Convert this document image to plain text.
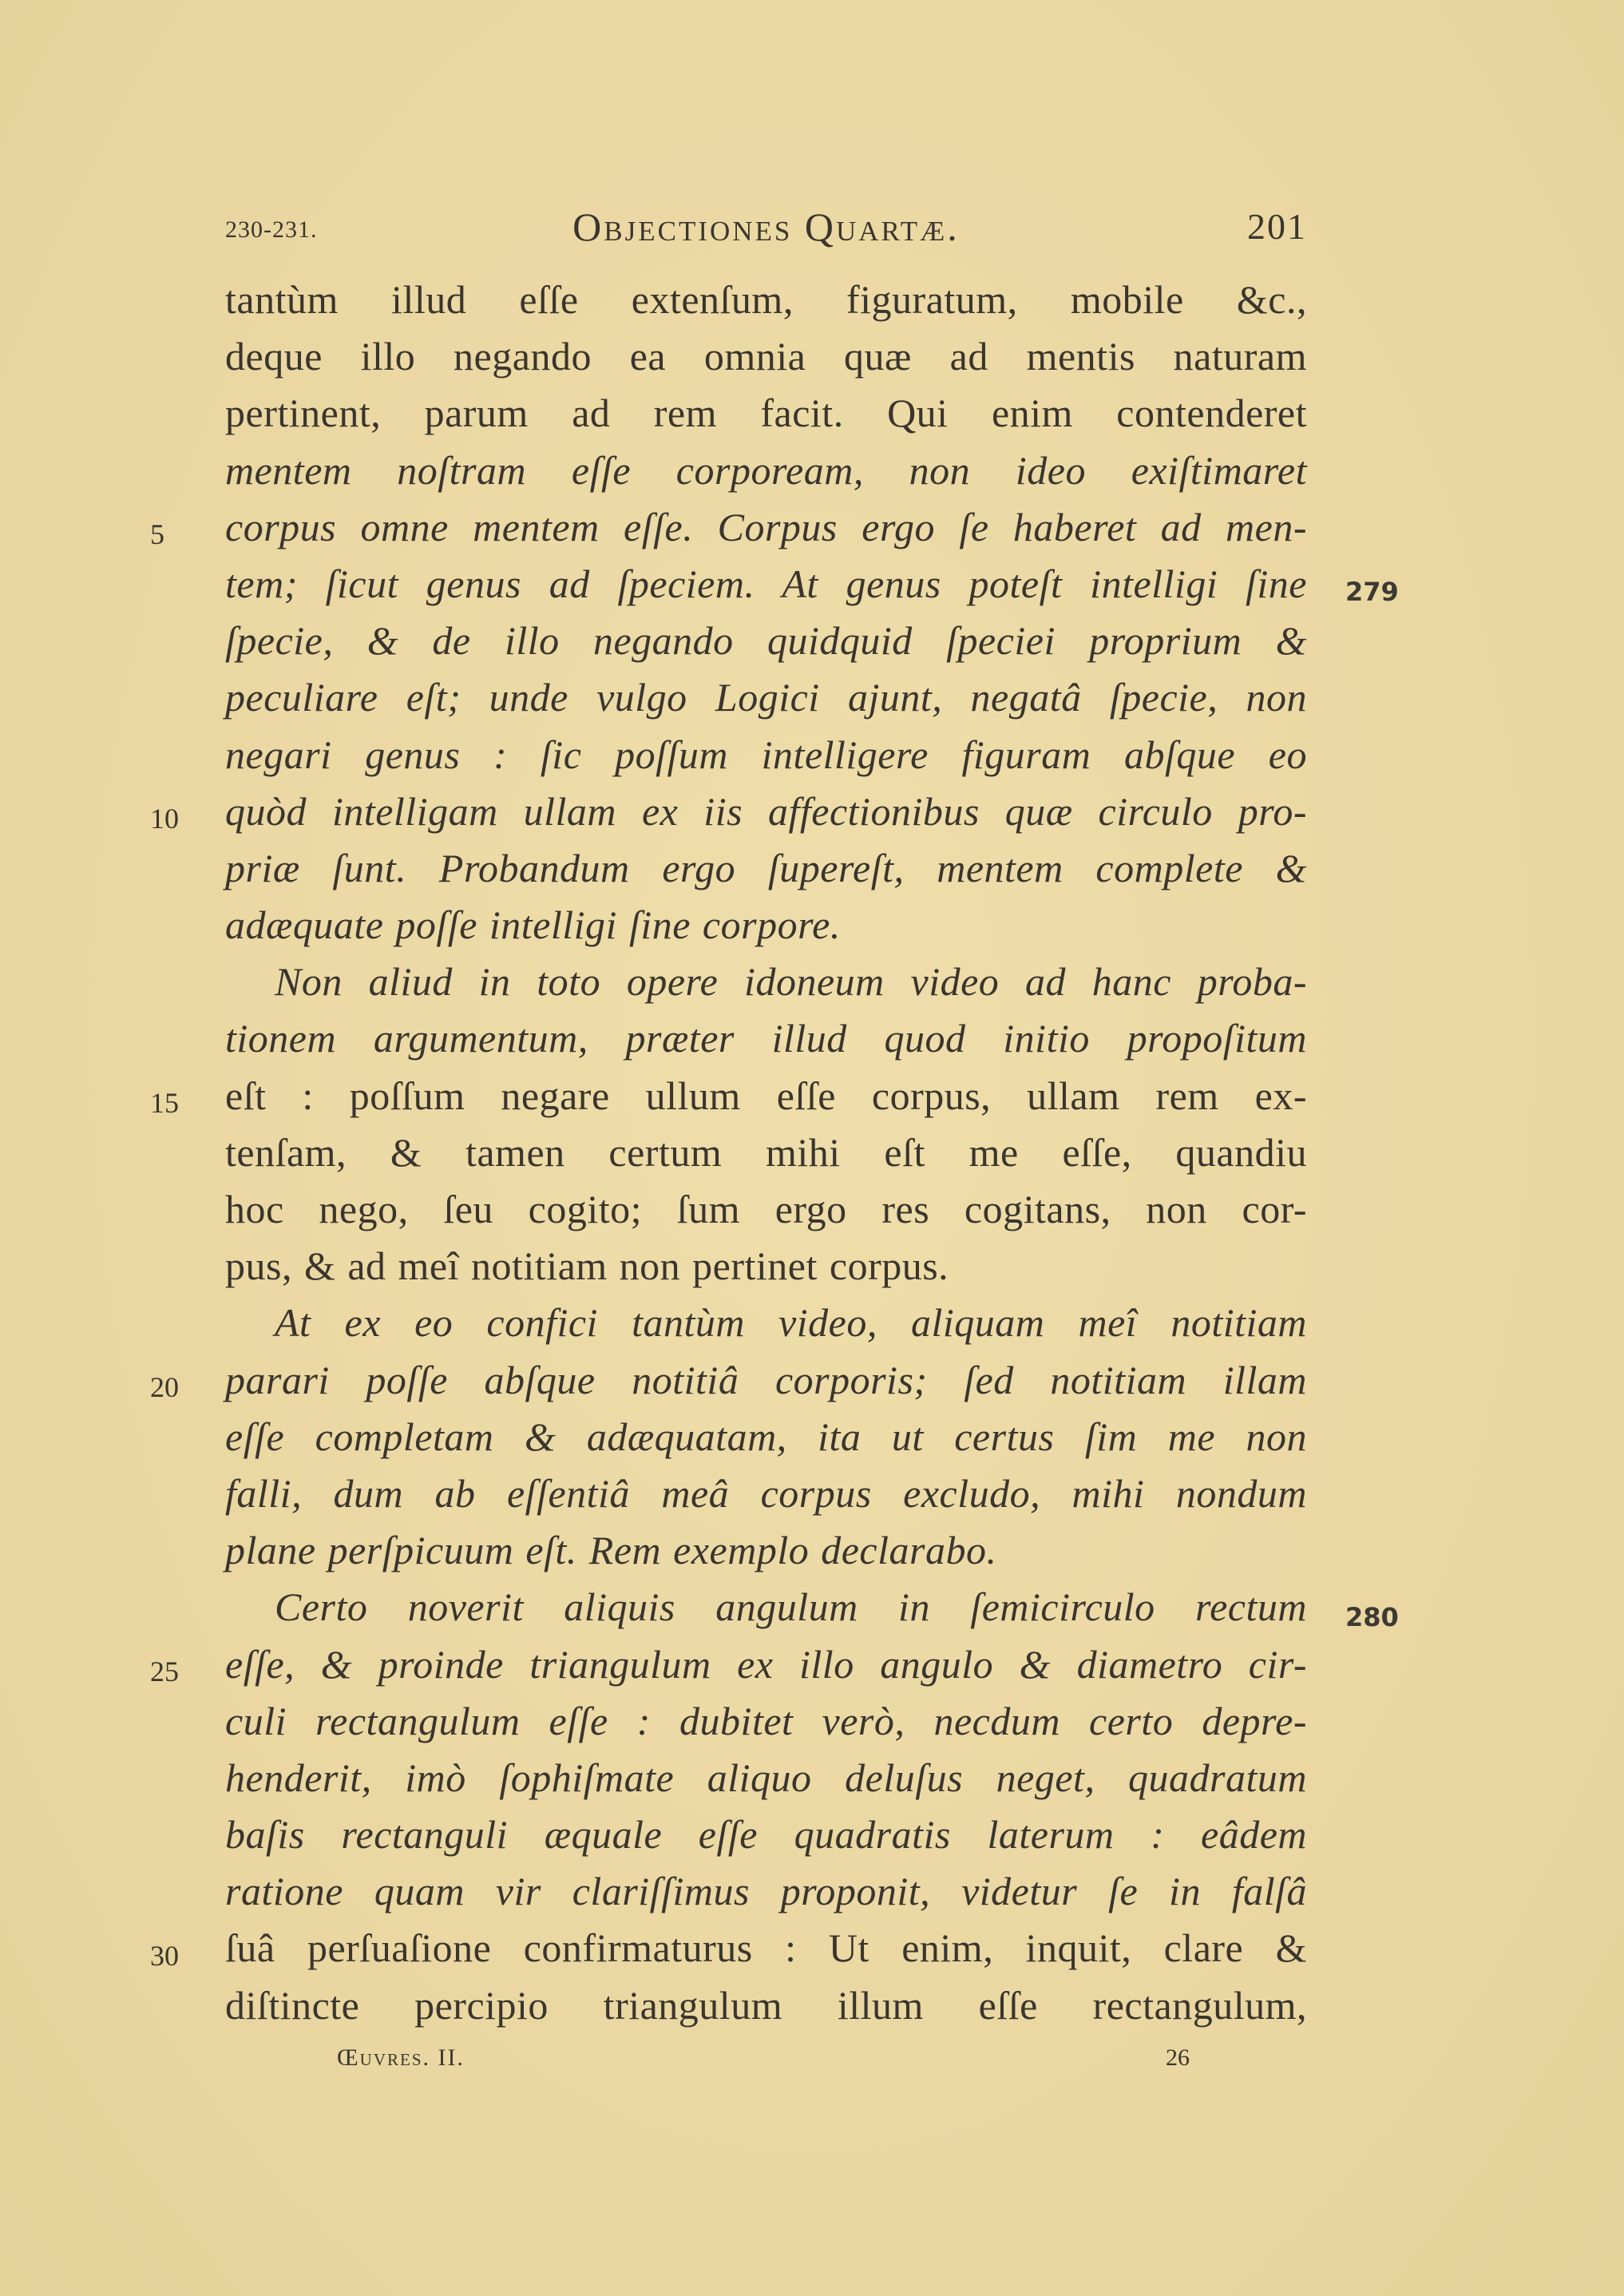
230-231.	Objectiones Quartæ.	201
tantùm illud eſſe extenſum, figuratum, mobile &c.,
deque illo negando ea omnia quæ ad mentis naturam
pertinent, parum ad rem facit. Qui enim contenderet
mentem noſtram eſſe corpoream, non ideo exiſtimaret
corpus omne mentem eſſe. Corpus ergo ſe haberet ad men-
tem; ſicut genus ad ſpeciem. At genus poteſt intelligi ſine
ſpecie, & de illo negando quidquid ſpeciei proprium &
peculiare eſt; unde vulgo Logici ajunt, negatâ ſpecie, non
negari genus : ſic poſſum intelligere figuram abſque eo
quòd intelligam ullam ex iis affectionibus quæ circulo pro-
priæ ſunt. Probandum ergo ſupereſt, mentem complete &
adæquate poſſe intelligi ſine corpore.
Non aliud in toto opere idoneum video ad hanc proba-
tionem argumentum, præter illud quod initio propoſitum
eſt : poſſum negare ullum eſſe corpus, ullam rem ex-
tenſam, & tamen certum mihi eſt me eſſe, quandiu
hoc nego, ſeu cogito; ſum ergo res cogitans, non cor-
pus, & ad meî notitiam non pertinet corpus.
At ex eo confici tantùm video, aliquam meî notitiam
parari poſſe abſque notitiâ corporis; ſed notitiam illam
eſſe completam & adæquatam, ita ut certus ſim me non
falli, dum ab eſſentiâ meâ corpus excludo, mihi nondum
plane perſpicuum eſt. Rem exemplo declarabo.
Certo noverit aliquis angulum in ſemicirculo rectum
eſſe, & proinde triangulum ex illo angulo & diametro cir-
culi rectangulum eſſe : dubitet verò, necdum certo depre-
henderit, imò ſophiſmate aliquo deluſus neget, quadratum
baſis rectanguli æquale eſſe quadratis laterum : eâdem
ratione quam vir clariſſimus proponit, videtur ſe in falſâ
ſuâ perſuaſione confirmaturus : Ut enim, inquit, clare &
diſtincte percipio triangulum illum eſſe rectangulum,
5
10
15
20
25
30
279
280
Œuvres. II.	26
